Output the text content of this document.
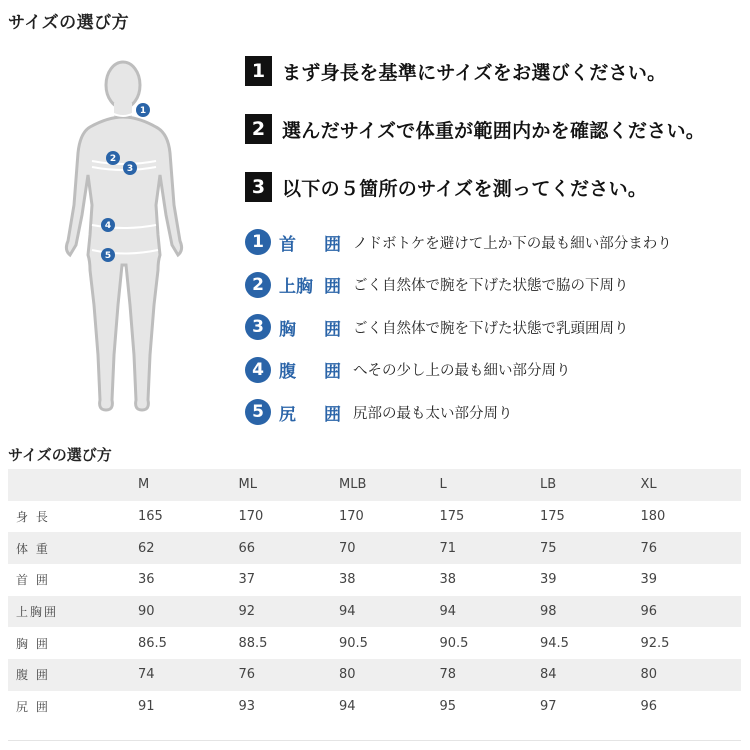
サイズの選び方
1
2
3
4
5
1 まず身長を基準にサイズをお選びください。
2 選んだサイズで体重が範囲内かを確認ください。
3 以下の５箇所のサイズを測ってください。
1 首 囲 ノドボトケを避けて上か下の最も細い部分まわり
2 上胸 囲 ごく自然体で腕を下げた状態で脇の下周り
3 胸 囲 ごく自然体で腕を下げた状態で乳頭囲周り
4 腹 囲 へその少し上の最も細い部分周り
5 尻 囲 尻部の最も太い部分周り
サイズの選び方
	M	ML	MLB	L	LB	XL
身 長	165	170	170	175	175	180
体 重	62	66	70	71	75	76
首 囲	36	37	38	38	39	39
上胸囲	90	92	94	94	98	96
胸 囲	86.5	88.5	90.5	90.5	94.5	92.5
腹 囲	74	76	80	78	84	80
尻 囲	91	93	94	95	97	96
